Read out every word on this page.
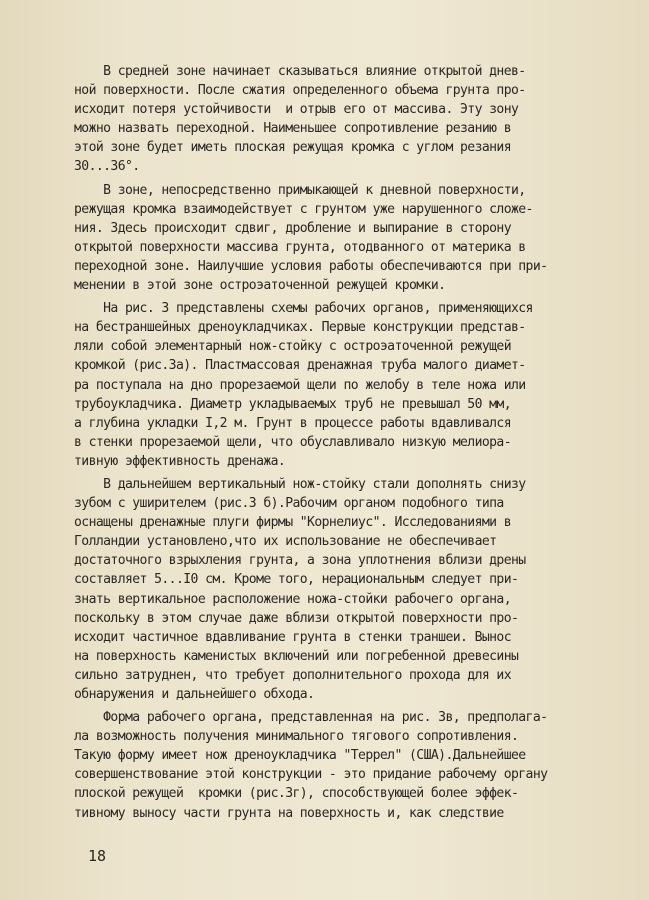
В средней зоне начинает сказываться влияние открытой днев-
ной поверхности. После сжатия определенного объема грунта про-
исходит потеря устойчивости  и отрыв его от массива. Эту зону
можно назвать переходной. Наименьшее сопротивление резанию в
этой зоне будет иметь плоская режущая кромка с углом резания
30...36°.
В зоне, непосредственно примыкающей к дневной поверхности,
режущая кромка взаимодействует с грунтом уже нарушенного сложе-
ния. Здесь происходит сдвиг, дробление и выпирание в сторону
открытой поверхности массива грунта, отодванного от материка в
переходной зоне. Наилучшие условия работы обеспечиваются при при-
менении в этой зоне остроэаточенной режущей кромки.
На рис. 3 представлены схемы рабочих органов, применяющихся
на бестраншейных дреноукладчиках. Первые конструкции представ-
ляли собой элементарный нож-стойку с остроэаточенной режущей
кромкой (рис.3а). Пластмассовая дренажная труба малого диамет-
ра поступала на дно прорезаемой щели по желобу в теле ножа или
трубоукладчика. Диаметр укладываемых труб не превышал 50 мм,
а глубина укладки I,2 м. Грунт в процессе работы вдавливался
в стенки прорезаемой щели, что обуславливало низкую мелиора-
тивную эффективность дренажа.
В дальнейшем вертикальный нож-стойку стали дополнять снизу
зубом с уширителем (рис.3 б).Рабочим органом подобного типа
оснащены дренажные плуги фирмы "Корнелиус". Исследованиями в
Голландии установлено,что их использование не обеспечивает
достаточного взрыхления грунта, а зона уплотнения вблизи дрены
составляет 5...I0 см. Кроме того, нерациональным следует при-
знать вертикальное расположение ножа-стойки рабочего органа,
поскольку в этом случае даже вблизи открытой поверхности про-
исходит частичное вдавливание грунта в стенки траншеи. Вынос
на поверхность каменистых включений или погребенной древесины
сильно затруднен, что требует дополнительного прохода для их
обнаружения и дальнейшего обхода.
Форма рабочего органа, представленная на рис. 3в, предполага-
ла возможность получения минимального тягового сопротивления.
Такую форму имеет нож дреноукладчика "Террел" (США).Дальнейшее
совершенствование этой конструкции - это придание рабочему органу
плоской режущей  кромки (рис.3г), способствующей более эффек-
тивному выносу части грунта на поверхность и, как следствие
18
